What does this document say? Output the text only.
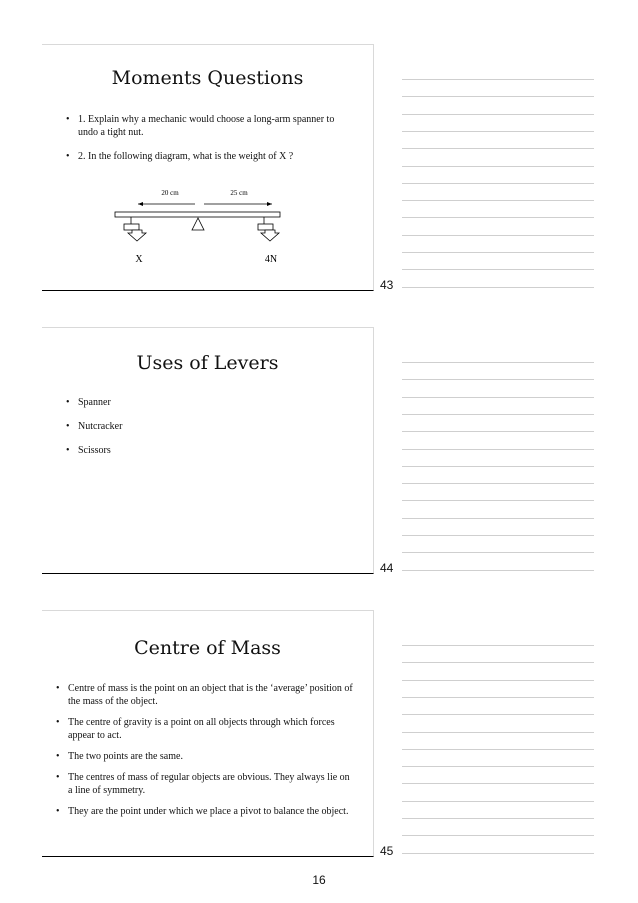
Moments Questions
• 1. Explain why a mechanic would choose a long-arm spanner to undo a tight nut.
• 2. In the following diagram, what is the weight of X ?
20 cm	25 cm
X	4N
43
Uses of Levers
• Spanner
• Nutcracker
• Scissors
44
Centre of Mass
• Centre of mass is the point on an object that is the ‘average’ position of the mass of the object.
• The centre of gravity is a point on all objects through which forces appear to act.
• The two points are the same.
• The centres of mass of regular objects are obvious. They always lie on a line of symmetry.
• They are the point under which we place a pivot to balance the object.
45
16
